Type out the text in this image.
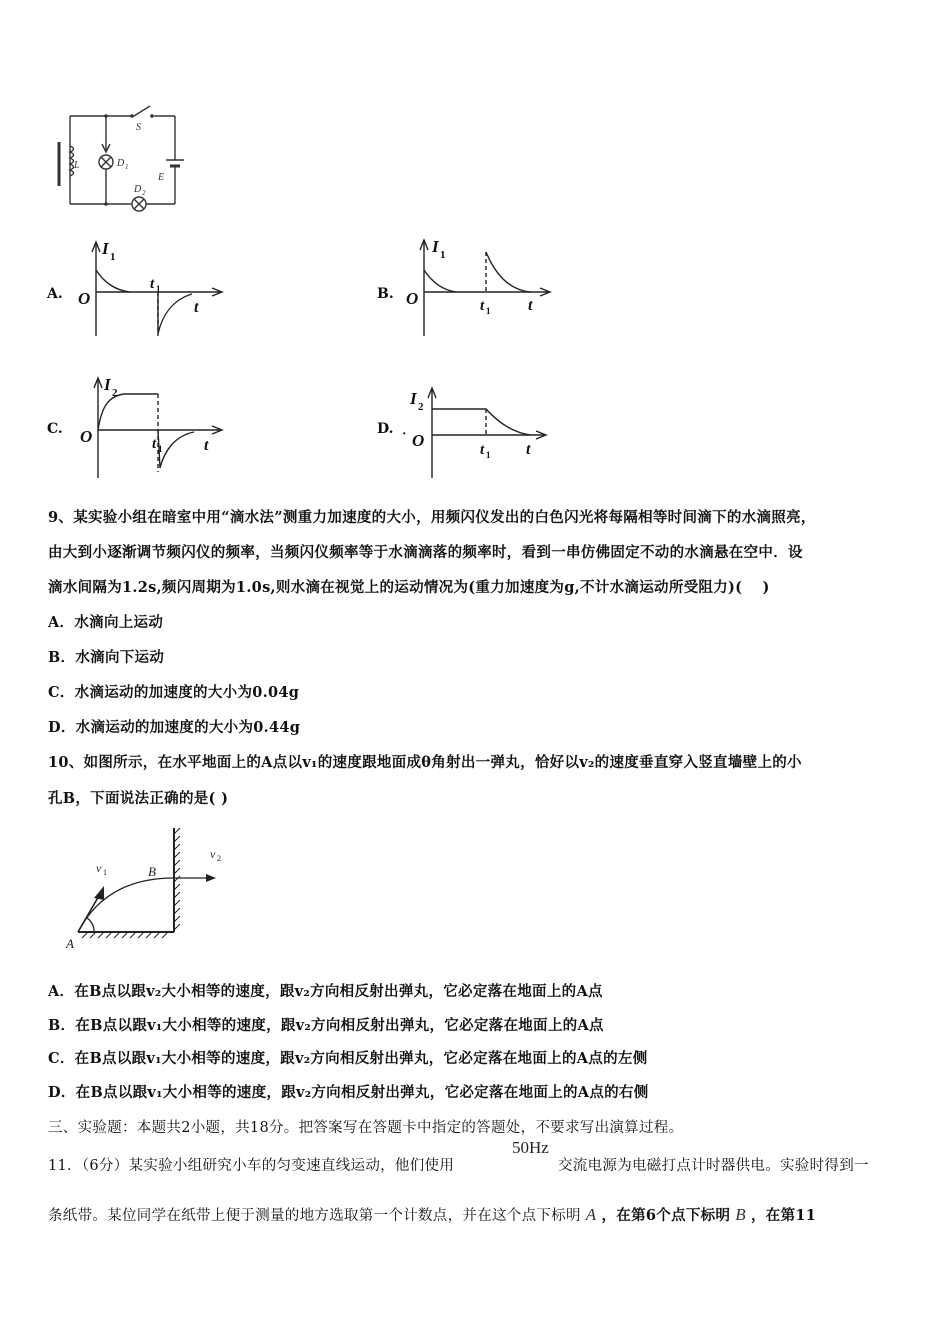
S
L	D 1
D 2
E
A.
I 1
O
t 1
t
B.
I 1
O	t 1 t
C.
I 2
O	t 1	t
D. ·
I 2
O	t 1 t
9、某实验小组在暗室中用“滴水法”测重力加速度的大小，用频闪仪发出的白色闪光将每隔相等时间滴下的水滴照亮，
由大到小逐渐调节频闪仪的频率，当频闪仪频率等于水滴滴落的频率时，看到一串仿佛固定不动的水滴悬在空中．设
滴水间隔为1.2s,频闪周期为1.0s,则水滴在视觉上的运动情况为(重力加速度为g,不计水滴运动所受阻力)(　 )
A．水滴向上运动
B．水滴向下运动
C．水滴运动的加速度的大小为0.04g
D．水滴运动的加速度的大小为0.44g
10、如图所示，在水平地面上的A点以v₁的速度跟地面成θ角射出一弹丸，恰好以v₂的速度垂直穿入竖直墙壁上的小
孔B，下面说法正确的是( )
v 1
v 2
B
A
A．在B点以跟v₂大小相等的速度，跟v₂方向相反射出弹丸，它必定落在地面上的A点
B．在B点以跟v₁大小相等的速度，跟v₂方向相反射出弹丸，它必定落在地面上的A点
C．在B点以跟v₁大小相等的速度，跟v₂方向相反射出弹丸，它必定落在地面上的A点的左侧
D．在B点以跟v₁大小相等的速度，跟v₂方向相反射出弹丸，它必定落在地面上的A点的右侧
三、实验题：本题共2小题，共18分。把答案写在答题卡中指定的答题处，不要求写出演算过程。
11．（6分）某实验小组研究小车的匀变速直线运动，他们使用
50Hz
交流电源为电磁打点计时器供电。实验时得到一
条纸带。某位同学在纸带上便于测量的地方选取第一个计数点，并在这个点下标明 A ，在第6个点下标明 B ，在第11
